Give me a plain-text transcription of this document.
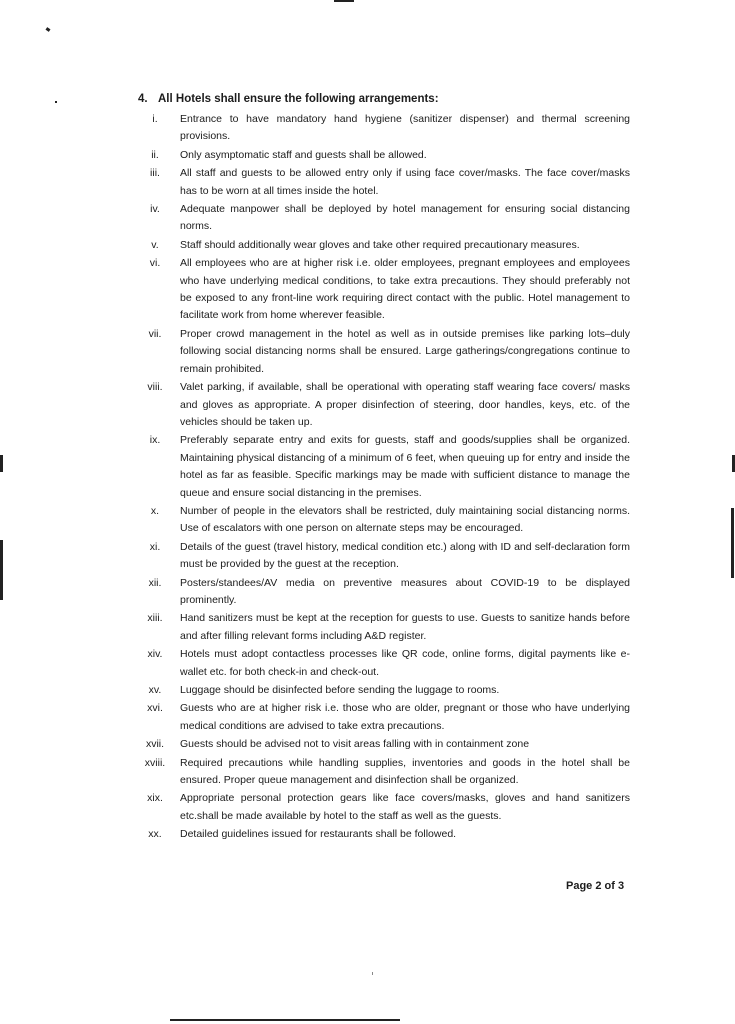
4. All Hotels shall ensure the following arrangements:
i.	Entrance to have mandatory hand hygiene (sanitizer dispenser) and thermal screening provisions.
ii.	Only asymptomatic staff and guests shall be allowed.
iii.	All staff and guests to be allowed entry only if using face cover/masks. The face cover/masks has to be worn at all times inside the hotel.
iv.	Adequate manpower shall be deployed by hotel management for ensuring social distancing norms.
v.	Staff should additionally wear gloves and take other required precautionary measures.
vi.	All employees who are at higher risk i.e. older employees, pregnant employees and employees who have underlying medical conditions, to take extra precautions. They should preferably not be exposed to any front-line work requiring direct contact with the public. Hotel management to facilitate work from home wherever feasible.
vii.	Proper crowd management in the hotel as well as in outside premises like parking lots–duly following social distancing norms shall be ensured. Large gatherings/congregations continue to remain prohibited.
viii.	Valet parking, if available, shall be operational with operating staff wearing face covers/ masks and gloves as appropriate. A proper disinfection of steering, door handles, keys, etc. of the vehicles should be taken up.
ix.	Preferably separate entry and exits for guests, staff and goods/supplies shall be organized. Maintaining physical distancing of a minimum of 6 feet, when queuing up for entry and inside the hotel as far as feasible. Specific markings may be made with sufficient distance to manage the queue and ensure social distancing in the premises.
x.	Number of people in the elevators shall be restricted, duly maintaining social distancing norms. Use of escalators with one person on alternate steps may be encouraged.
xi.	Details of the guest (travel history, medical condition etc.) along with ID and self-declaration form must be provided by the guest at the reception.
xii.	Posters/standees/AV media on preventive measures about COVID-19 to be displayed prominently.
xiii.	Hand sanitizers must be kept at the reception for guests to use. Guests to sanitize hands before and after filling relevant forms including A&D register.
xiv.	Hotels must adopt contactless processes like QR code, online forms, digital payments like e-wallet etc. for both check-in and check-out.
xv.	Luggage should be disinfected before sending the luggage to rooms.
xvi.	Guests who are at higher risk i.e. those who are older, pregnant or those who have underlying medical conditions are advised to take extra precautions.
xvii.	Guests should be advised not to visit areas falling with in containment zone
xviii.	Required precautions while handling supplies, inventories and goods in the hotel shall be ensured. Proper queue management and disinfection shall be organized.
xix.	Appropriate personal protection gears like face covers/masks, gloves and hand sanitizers etc.shall be made available by hotel to the staff as well as the guests.
xx.	Detailed guidelines issued for restaurants shall be followed.
Page 2 of 3
